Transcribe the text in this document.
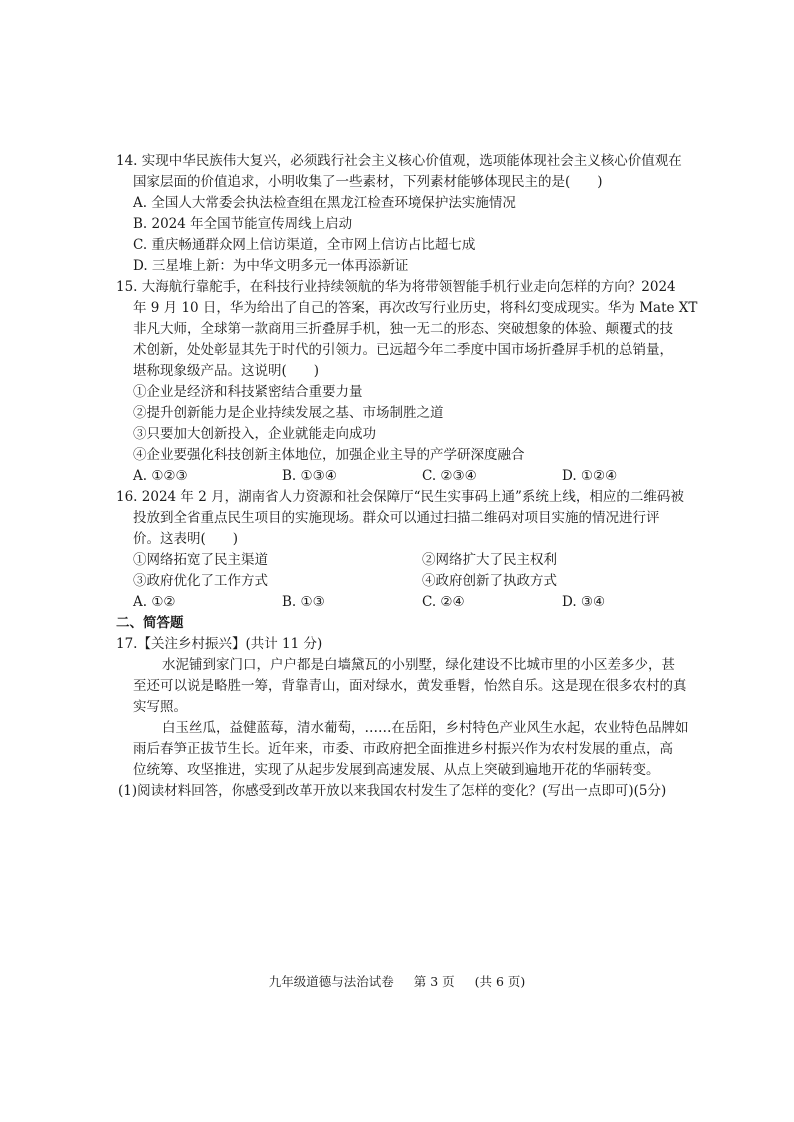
14. 实现中华民族伟大复兴，必须践行社会主义核心价值观，选项能体现社会主义核心价值观在
国家层面的价值追求，小明收集了一些素材，下列素材能够体现民主的是(　　)
A. 全国人大常委会执法检查组在黑龙江检查环境保护法实施情况
B. 2024 年全国节能宣传周线上启动
C. 重庆畅通群众网上信访渠道，全市网上信访占比超七成
D. 三星堆上新：为中华文明多元一体再添新证
15. 大海航行靠舵手，在科技行业持续领航的华为将带领智能手机行业走向怎样的方向？2024
年 9 月 10 日，华为给出了自己的答案，再次改写行业历史，将科幻变成现实。华为 Mate XT
非凡大师，全球第一款商用三折叠屏手机，独一无二的形态、突破想象的体验、颠覆式的技
术创新，处处彰显其先于时代的引领力。已远超今年二季度中国市场折叠屏手机的总销量，
堪称现象级产品。这说明(　　)
①企业是经济和科技紧密结合重要力量
②提升创新能力是企业持续发展之基、市场制胜之道
③只要加大创新投入，企业就能走向成功
④企业要强化科技创新主体地位，加强企业主导的产学研深度融合
A. ①②③	B. ①③④	C. ②③④	D. ①②④
16. 2024 年 2 月，湖南省人力资源和社会保障厅“民生实事码上通”系统上线，相应的二维码被
投放到全省重点民生项目的实施现场。群众可以通过扫描二维码对项目实施的情况进行评
价。这表明(　　)
①网络拓宽了民主渠道	②网络扩大了民主权利
③政府优化了工作方式	④政府创新了执政方式
A. ①②	B. ①③	C. ②④	D. ③④
二、简答题
17.【关注乡村振兴】(共计 11 分)
水泥铺到家门口，户户都是白墙黛瓦的小别墅，绿化建设不比城市里的小区差多少，甚
至还可以说是略胜一筹，背靠青山，面对绿水，黄发垂髫，怡然自乐。这是现在很多农村的真
实写照。
白玉丝瓜，益健蓝莓，清水葡萄，……在岳阳，乡村特色产业风生水起，农业特色品牌如
雨后春笋正拔节生长。近年来，市委、市政府把全面推进乡村振兴作为农村发展的重点，高
位统筹、攻坚推进，实现了从起步发展到高速发展、从点上突破到遍地开花的华丽转变。
(1)阅读材料回答，你感受到改革开放以来我国农村发生了怎样的变化？(写出一点即可)(5分)
九年级道德与法治试卷 第 3 页 (共 6 页)
